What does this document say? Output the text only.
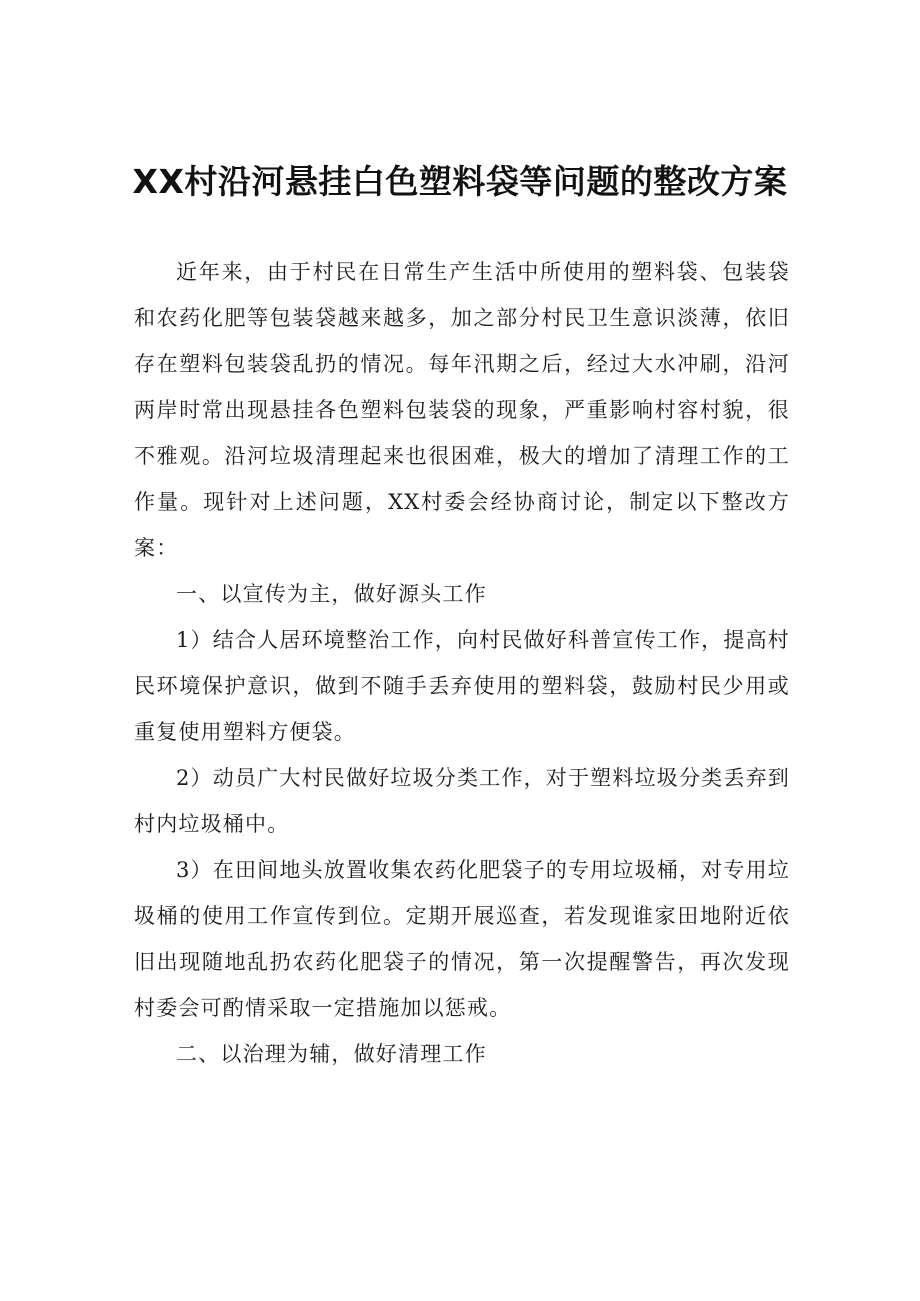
XX村沿河悬挂白色塑料袋等问题的整改方案

近年来，由于村民在日常生产生活中所使用的塑料袋、包装袋和农药化肥等包装袋越来越多，加之部分村民卫生意识淡薄，依旧存在塑料包装袋乱扔的情况。每年汛期之后，经过大水冲刷，沿河两岸时常出现悬挂各色塑料包装袋的现象，严重影响村容村貌，很不雅观。沿河垃圾清理起来也很困难，极大的增加了清理工作的工作量。现针对上述问题，XX村委会经协商讨论，制定以下整改方案：

一、以宣传为主，做好源头工作

1）结合人居环境整治工作，向村民做好科普宣传工作，提高村民环境保护意识，做到不随手丢弃使用的塑料袋，鼓励村民少用或重复使用塑料方便袋。

2）动员广大村民做好垃圾分类工作，对于塑料垃圾分类丢弃到村内垃圾桶中。

3）在田间地头放置收集农药化肥袋子的专用垃圾桶，对专用垃圾桶的使用工作宣传到位。定期开展巡查，若发现谁家田地附近依旧出现随地乱扔农药化肥袋子的情况，第一次提醒警告，再次发现村委会可酌情采取一定措施加以惩戒。

二、以治理为辅，做好清理工作
